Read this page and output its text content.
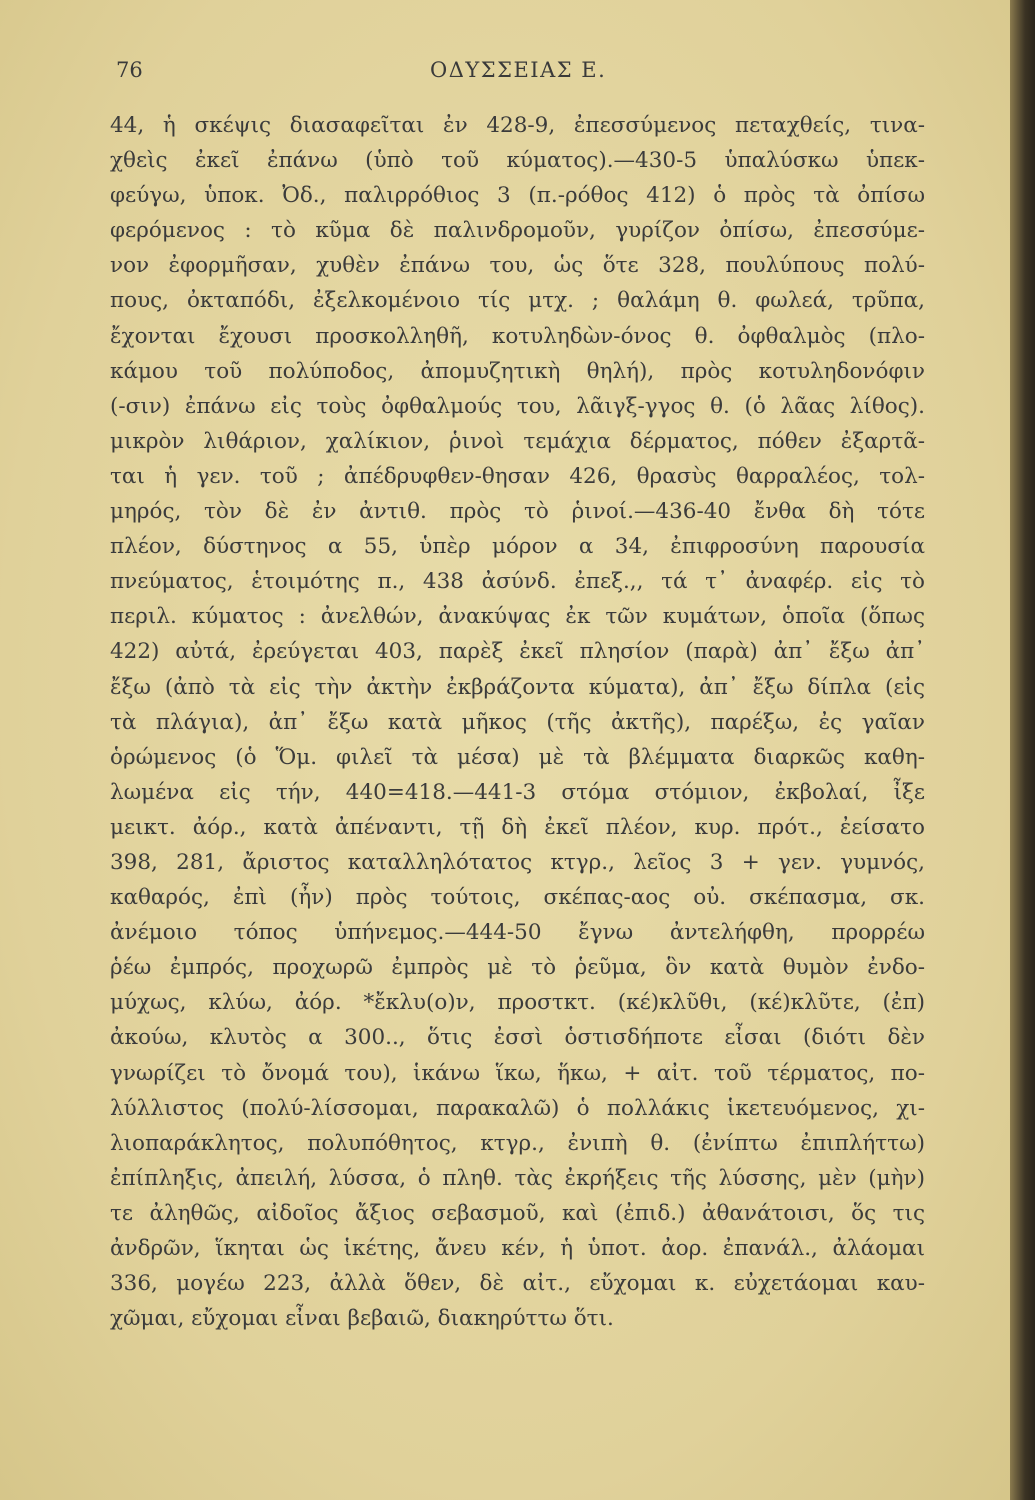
76	ΟΔΥΣΣΕΙΑΣ Ε.
44, ἡ σκέψις διασαφεῖται ἐν 428-9, ἐπεσσύμενος πεταχθείς, τινα-
χθεὶς ἐκεῖ ἐπάνω (ὑπὸ τοῦ κύματος).—430-5 ὑπαλύσκω ὑπεκ-
φεύγω, ὑποκ. Ὀδ., παλιρρόθιος 3 (π.-ρόθος 412) ὁ πρὸς τὰ ὀπίσω
φερόμενος : τὸ κῦμα δὲ παλινδρομοῦν, γυρίζον ὀπίσω, ἐπεσσύμε-
νον ἐφορμῆσαν, χυθὲν ἐπάνω του, ὡς ὅτε 328, πουλύπους πολύ-
πους, ὀκταπόδι, ἐξελκομένοιο τίς μτχ. ; θαλάμη θ. φωλεά, τρῦπα,
ἔχονται ἔχουσι προσκολληθῆ, κοτυληδὼν-όνος θ. ὀφθαλμὸς (πλο-
κάμου τοῦ πολύποδος, ἀπομυζητικὴ θηλή), πρὸς κοτυληδονόφιν
(-σιν) ἐπάνω εἰς τοὺς ὀφθαλμούς του, λᾶιγξ-γγος θ. (ὁ λᾶας λίθος).
μικρὸν λιθάριον, χαλίκιον, ῥινοὶ τεμάχια δέρματος, πόθεν ἐξαρτᾶ-
ται ἡ γεν. τοῦ ; ἀπέδρυφθεν-θησαν 426, θρασὺς θαρραλέος, τολ-
μηρός, τὸν δὲ ἐν ἀντιθ. πρὸς τὸ ῥινοί.—436-40 ἔνθα δὴ τότε
πλέον, δύστηνος α 55, ὑπὲρ μόρον α 34, ἐπιφροσύνη παρουσία
πνεύματος, ἑτοιμότης π., 438 ἀσύνδ. ἐπεξ.,, τά τ᾽ ἀναφέρ. εἰς τὸ
περιλ. κύματος : ἀνελθών, ἀνακύψας ἐκ τῶν κυμάτων, ὁποῖα (ὅπως
422) αὐτά, ἐρεύγεται 403, παρὲξ ἐκεῖ πλησίον (παρὰ) ἀπ᾽ ἔξω ἀπ᾽
ἔξω (ἀπὸ τὰ εἰς τὴν ἀκτὴν ἐκβράζοντα κύματα), ἀπ᾽ ἔξω δίπλα (εἰς
τὰ πλάγια), ἀπ᾽ ἔξω κατὰ μῆκος (τῆς ἀκτῆς), παρέξω, ἐς γαῖαν
ὁρώμενος (ὁ Ὅμ. φιλεῖ τὰ μέσα) μὲ τὰ βλέμματα διαρκῶς καθη-
λωμένα εἰς τήν, 440=418.—441-3 στόμα στόμιον, ἐκβολαί, ἶξε
μεικτ. ἀόρ., κατὰ ἀπέναντι, τῇ δὴ ἐκεῖ πλέον, κυρ. πρότ., ἐείσατο
398, 281, ἄριστος καταλληλότατος κτγρ., λεῖος 3 + γεν. γυμνός,
καθαρός, ἐπὶ (ἦν) πρὸς τούτοις, σκέπας-αος οὐ. σκέπασμα, σκ.
ἀνέμοιο τόπος ὑπήνεμος.—444-50 ἔγνω ἀντελήφθη, προρρέω
ῥέω ἐμπρός, προχωρῶ ἐμπρὸς μὲ τὸ ῥεῦμα, ὃν κατὰ θυμὸν ἐνδο-
μύχως, κλύω, ἀόρ. *ἔκλυ(ο)ν, προστκτ. (κέ)κλῦθι, (κέ)κλῦτε, (ἐπ)
ἀκούω, κλυτὸς α 300.., ὅτις ἐσσὶ ὁστισδήποτε εἶσαι (διότι δὲν
γνωρίζει τὸ ὄνομά του), ἱκάνω ἵκω, ἥκω, + αἰτ. τοῦ τέρματος, πο-
λύλλιστος (πολύ-λίσσομαι, παρακαλῶ) ὁ πολλάκις ἱκετευόμενος, χι-
λιοπαράκλητος, πολυπόθητος, κτγρ., ἐνιπὴ θ. (ἐνίπτω ἐπιπλήττω)
ἐπίπληξις, ἀπειλή, λύσσα, ὁ πληθ. τὰς ἐκρήξεις τῆς λύσσης, μὲν (μὴν)
τε ἀληθῶς, αἰδοῖος ἄξιος σεβασμοῦ, καὶ (ἐπιδ.) ἀθανάτοισι, ὅς τις
ἀνδρῶν, ἵκηται ὡς ἱκέτης, ἄνευ κέν, ἡ ὑποτ. ἀορ. ἐπανάλ., ἀλάομαι
336, μογέω 223, ἀλλὰ ὅθεν, δὲ αἰτ., εὔχομαι κ. εὐχετάομαι καυ-
χῶμαι, εὔχομαι εἶναι βεβαιῶ, διακηρύττω ὅτι.
